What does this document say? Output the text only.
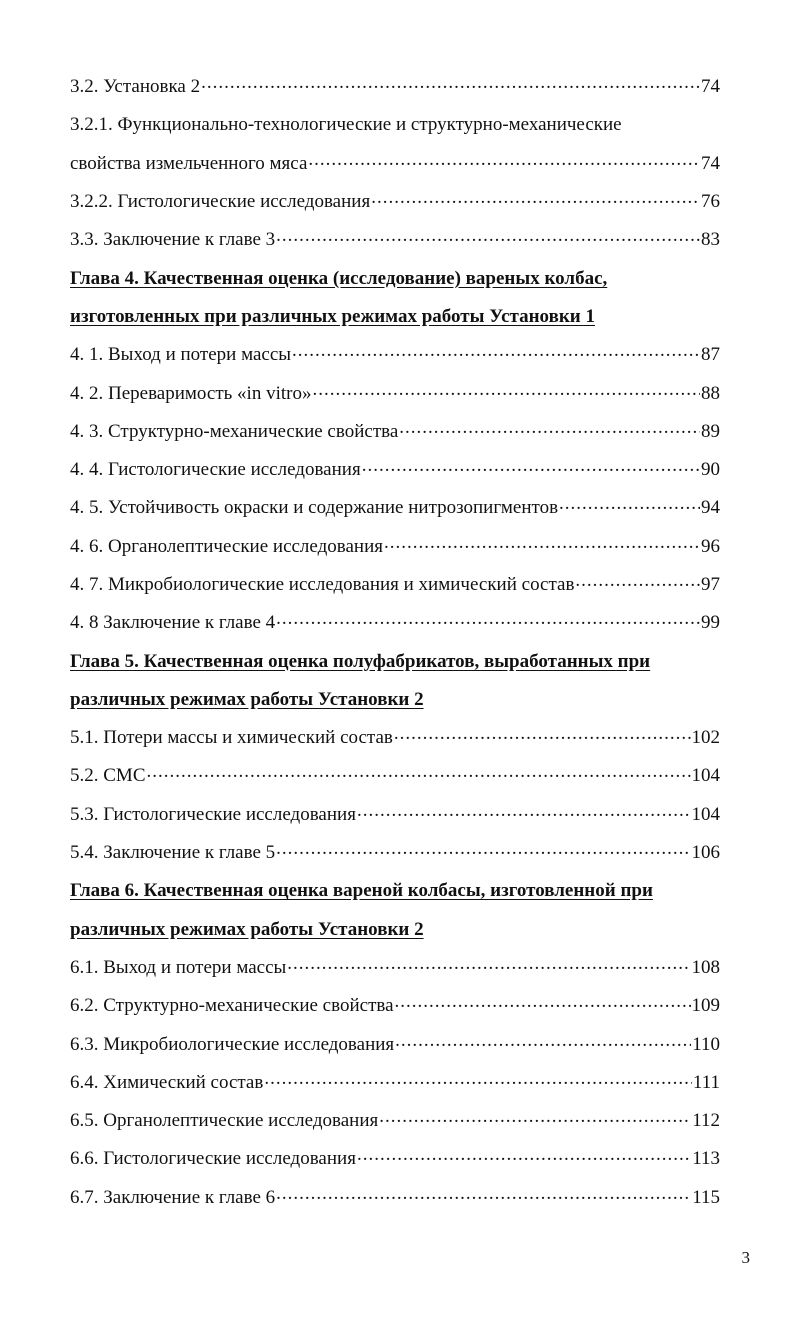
3.2. Установка 2 .....	74
3.2.1. Функционально-технологические и структурно-механические
свойства измельченного мяса .....	74
3.2.2. Гистологические исследования .....	76
3.3. Заключение к главе 3 .....	83
Глава 4. Качественная оценка (исследование) вареных колбас,
изготовленных при различных режимах работы Установки 1
4. 1. Выход и потери массы .....	87
4. 2. Переваримость «in vitro» .....	88
4. 3. Структурно-механические свойства .....	89
4. 4. Гистологические исследования .....	90
4. 5. Устойчивость окраски и содержание нитрозопигментов .....	94
4. 6. Органолептические исследования .....	96
4. 7. Микробиологические исследования и химический состав .....	97
4. 8 Заключение к главе 4 .....	99
Глава 5. Качественная оценка полуфабрикатов, выработанных при
различных режимах работы Установки 2
5.1. Потери массы и химический состав .....	102
5.2. СМС .....	104
5.3. Гистологические исследования .....	104
5.4. Заключение к главе 5 .....	106
Глава 6. Качественная оценка вареной колбасы, изготовленной при
различных режимах работы Установки 2
6.1. Выход и потери массы .....	108
6.2. Структурно-механические свойства .....	109
6.3. Микробиологические исследования .....	110
6.4. Химический состав .....	111
6.5. Органолептические исследования .....	112
6.6. Гистологические исследования .....	113
6.7. Заключение к главе 6 .....	115
3
